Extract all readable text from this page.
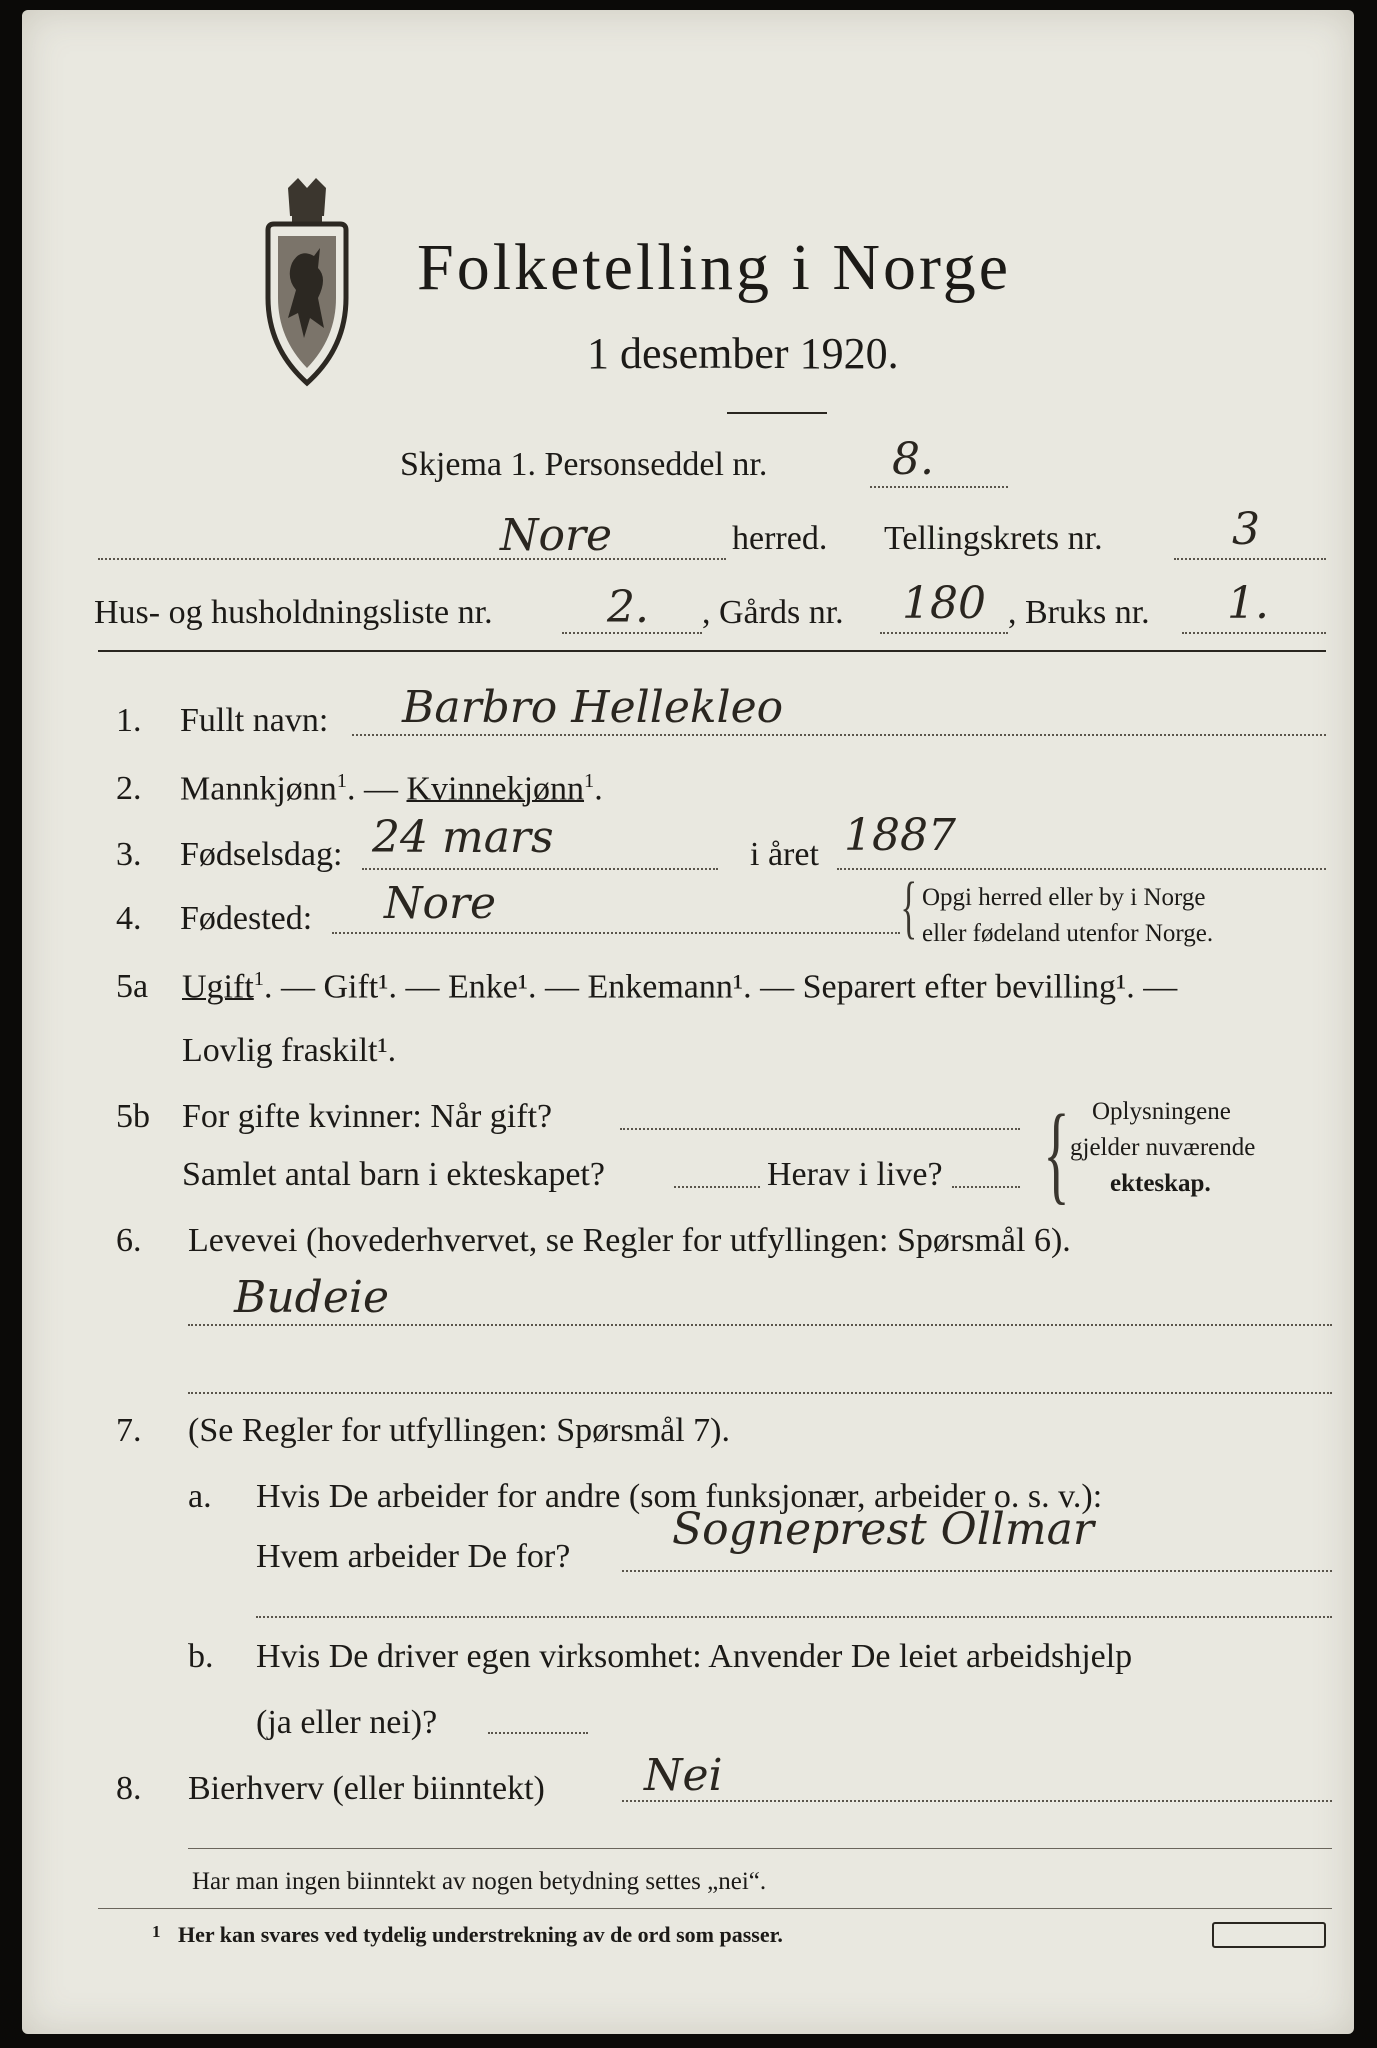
Folketelling i Norge
1 desember 1920.
Skjema 1. Personseddel nr.	8.
Nore	herred. Tellingskrets nr.	3
Hus- og husholdningsliste nr.	2. , Gårds nr. 180 , Bruks nr. 1.
1. Fullt navn: Barbro Hellekleo
2. Mannkjønn$^1$. — Kvinnekjønn$^1$.
3. Fødselsdag: 24 mars	i året 1887
4. Fødested: Nore	{ Opgi herred eller by i Norge
eller fødeland utenfor Norge.
5a Ugift$^1$. — Gift¹. — Enke¹. — Enkemann¹. — Separert efter bevilling¹. —
Lovlig fraskilt¹.
5b For gifte kvinner: Når gift?
Samlet antal barn i ekteskapet?	Herav i live? { Oplysningene
gjelder nuværende
ekteskap.
6. Levevei (hovederhvervet, se Regler for utfyllingen: Spørsmål 6).
Budeie
7. (Se Regler for utfyllingen: Spørsmål 7).
a. Hvis De arbeider for andre (som funksjonær, arbeider o. s. v.):
Hvem arbeider De for?
Sogneprest Ollmar
b. Hvis De driver egen virksomhet: Anvender De leiet arbeidshjelp
(ja eller nei)?
8. Bierhverv (eller biinntekt) Nei
Har man ingen biinntekt av nogen betydning settes „nei“.
1 Her kan svares ved tydelig understrekning av de ord som passer.
